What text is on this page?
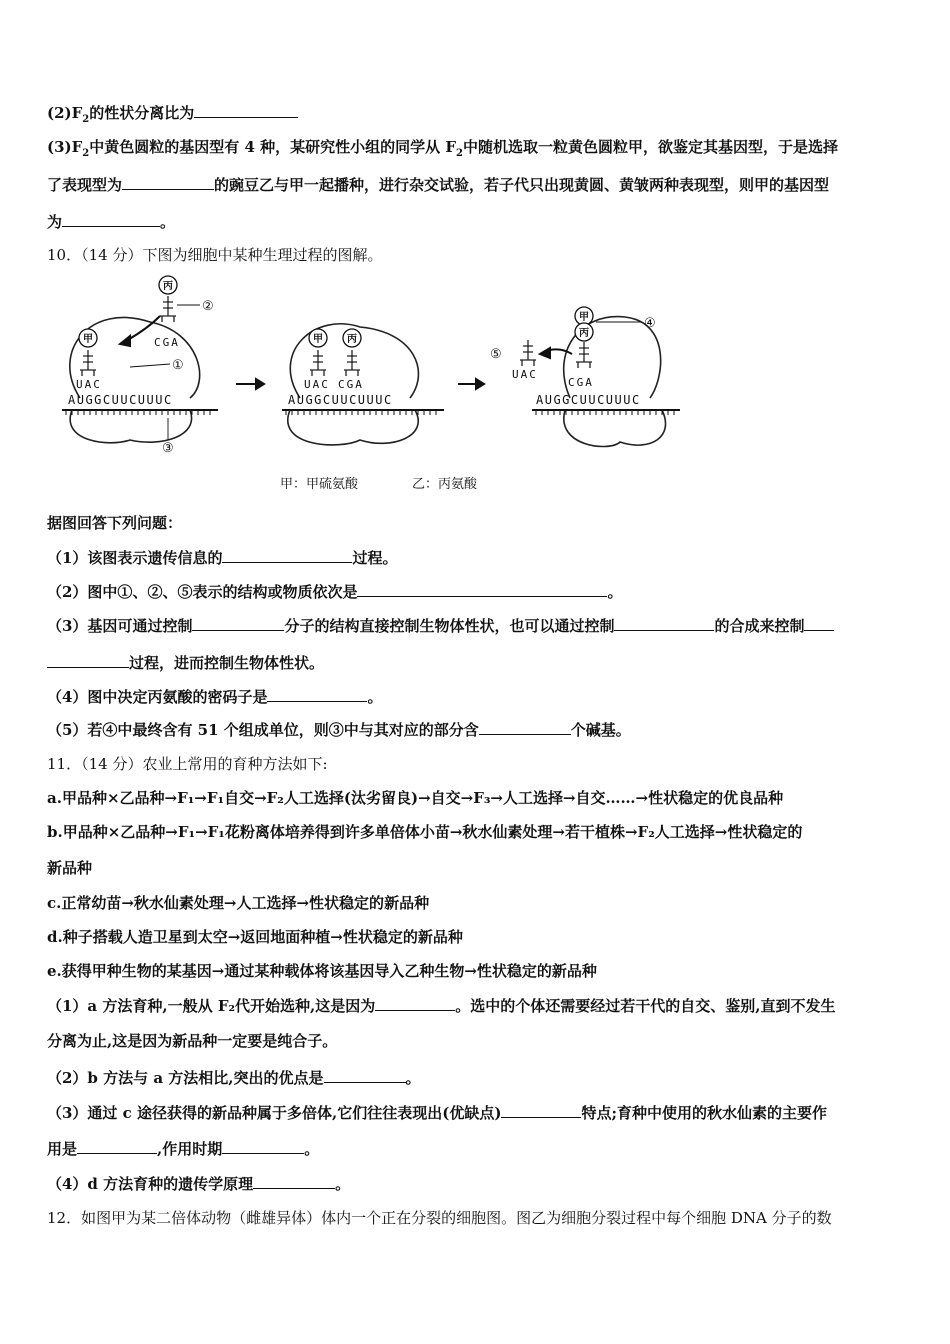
$(2)F_2$的性状分离比为
$(3)F_2$中黄色圆粒的基因型有 4 种，某研究性小组的同学从 $F_2$中随机选取一粒黄色圆粒甲，欲鉴定其基因型，于是选择
了表现型为	的豌豆乙与甲一起播种，进行杂交试验，若子代只出现黄圆、黄皱两种表现型，则甲的基因型
为	。
10．（14 分）下图为细胞中某种生理过程的图解。
AUGGCUUCUUUC	AUGGCUUCUUUC	AUGGCUUCUUUC
甲
丙
甲 丙
甲
丙
UAC
CGA
UAC CGA
UAC
CGA
②
①
③
④
⑤
甲：甲硫氨酸	乙：丙氨酸
据图回答下列问题：
（1）该图表示遗传信息的	过程。
（2）图中①、②、⑤表示的结构或物质依次是	。
（3）基因可通过控制	分子的结构直接控制生物体性状，也可以通过控制	的合成来控制
过程，进而控制生物体性状。
（4）图中决定丙氨酸的密码子是	。
（5）若④中最终含有 51 个组成单位，则③中与其对应的部分含	个碱基。
11．（14 分）农业上常用的育种方法如下:
a.甲品种×乙品种→F₁→F₁自交→F₂人工选择(汰劣留良)→自交→F₃→人工选择→自交……→性状稳定的优良品种
b.甲品种×乙品种→F₁→F₁花粉离体培养得到许多单倍体小苗→秋水仙素处理→若干植株→F₂人工选择→性状稳定的
新品种
c.正常幼苗→秋水仙素处理→人工选择→性状稳定的新品种
d.种子搭载人造卫星到太空→返回地面种植→性状稳定的新品种
e.获得甲种生物的某基因→通过某种载体将该基因导入乙种生物→性状稳定的新品种
（1）a 方法育种,一般从 F₂代开始选种,这是因为	。选中的个体还需要经过若干代的自交、鉴别,直到不发生
分离为止,这是因为新品种一定要是纯合子。
（2）b 方法与 a 方法相比,突出的优点是	。
（3）通过 c 途径获得的新品种属于多倍体,它们往往表现出(优缺点)	特点;育种中使用的秋水仙素的主要作
用是	,作用时期	。
（4）d 方法育种的遗传学原理	。
12．如图甲为某二倍体动物（雌雄异体）体内一个正在分裂的细胞图。图乙为细胞分裂过程中每个细胞 DNA 分子的数
